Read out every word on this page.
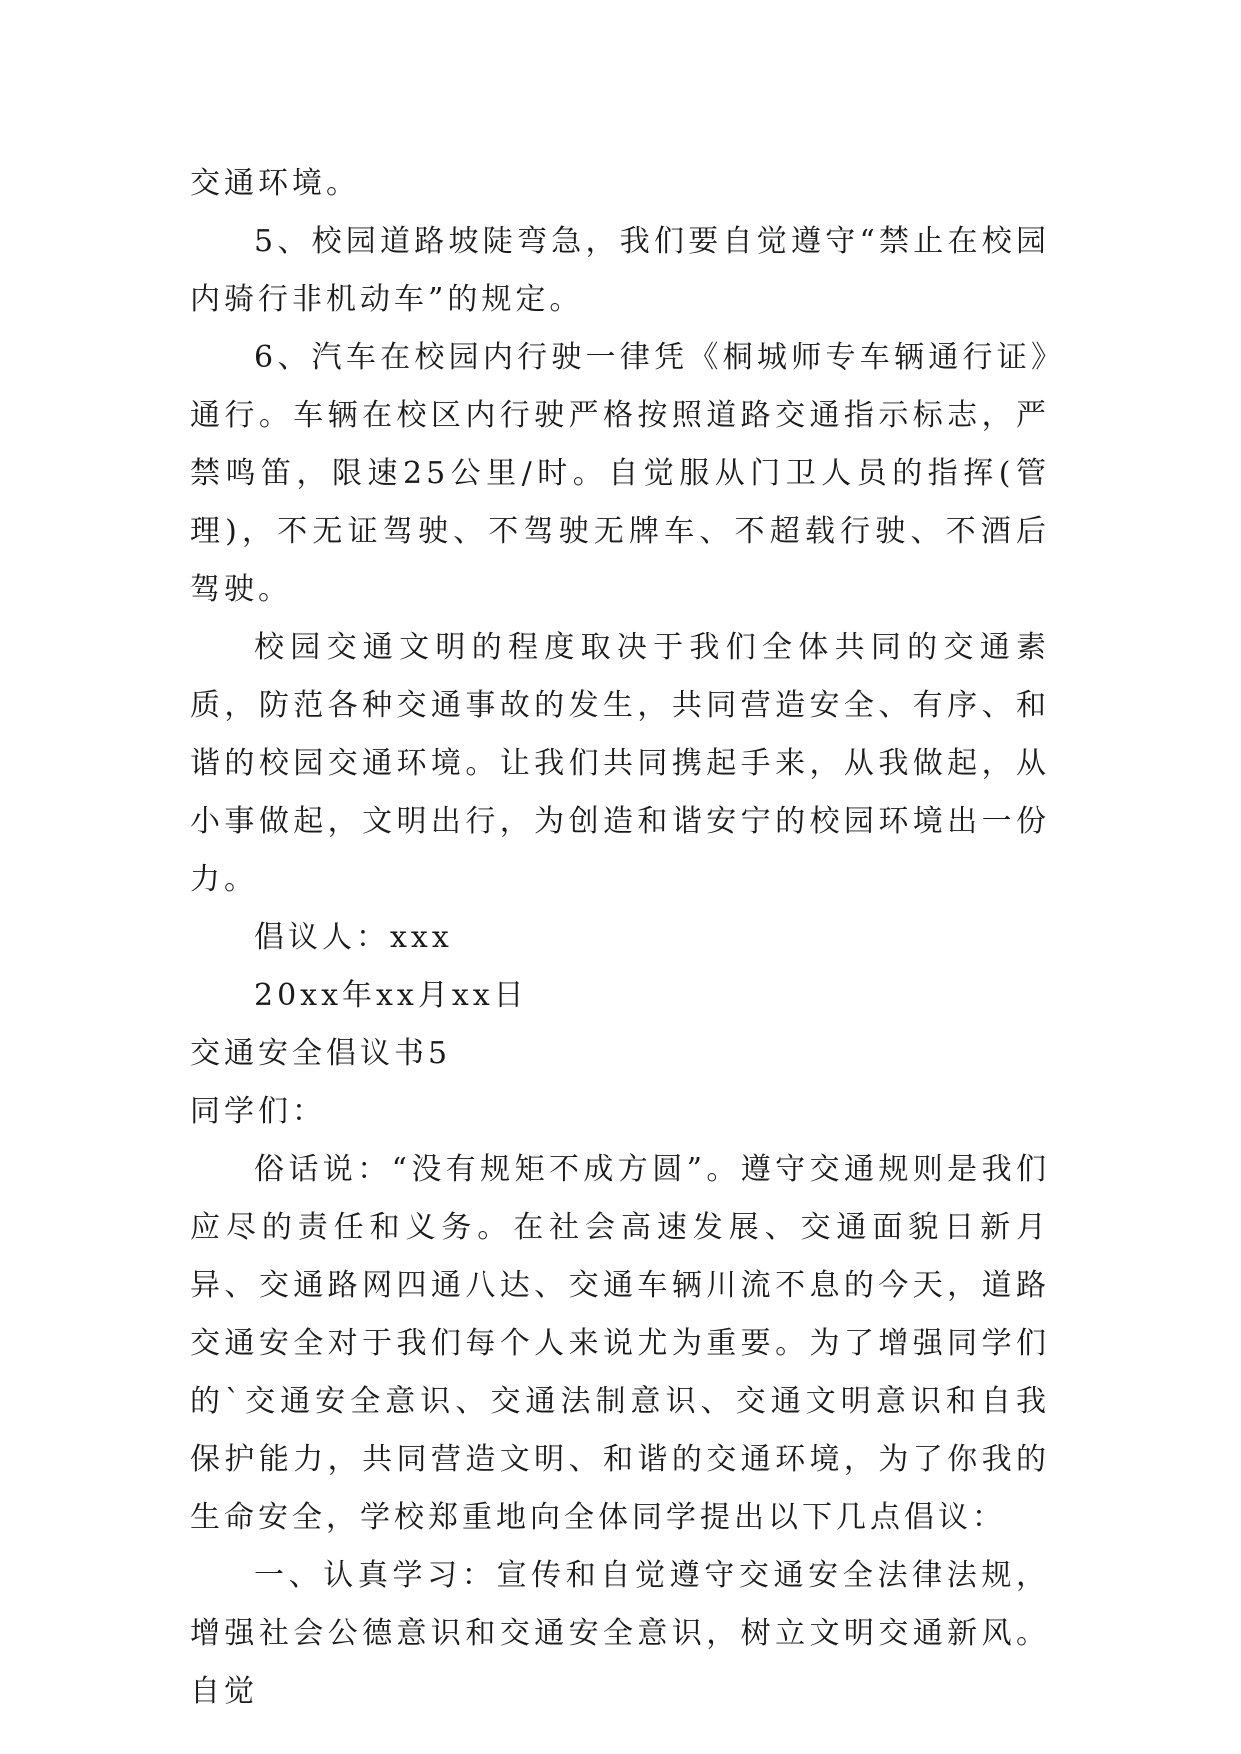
交通环境。

5、校园道路坡陡弯急，我们要自觉遵守“禁止在校园内骑行非机动车”的规定。

6、汽车在校园内行驶一律凭《桐城师专车辆通行证》通行。车辆在校区内行驶严格按照道路交通指示标志，严禁鸣笛，限速25公里/时。自觉服从门卫人员的指挥(管理)，不无证驾驶、不驾驶无牌车、不超载行驶、不酒后驾驶。

校园交通文明的程度取决于我们全体共同的交通素质，防范各种交通事故的发生，共同营造安全、有序、和谐的校园交通环境。让我们共同携起手来，从我做起，从小事做起，文明出行，为创造和谐安宁的校园环境出一份力。

倡议人：xxx

20xx年xx月xx日

交通安全倡议书5

同学们：

俗话说：“没有规矩不成方圆”。遵守交通规则是我们应尽的责任和义务。在社会高速发展、交通面貌日新月异、交通路网四通八达、交通车辆川流不息的今天，道路交通安全对于我们每个人来说尤为重要。为了增强同学们的`交通安全意识、交通法制意识、交通文明意识和自我保护能力，共同营造文明、和谐的交通环境，为了你我的生命安全，学校郑重地向全体同学提出以下几点倡议：

一、认真学习：宣传和自觉遵守交通安全法律法规，增强社会公德意识和交通安全意识，树立文明交通新风。自觉
